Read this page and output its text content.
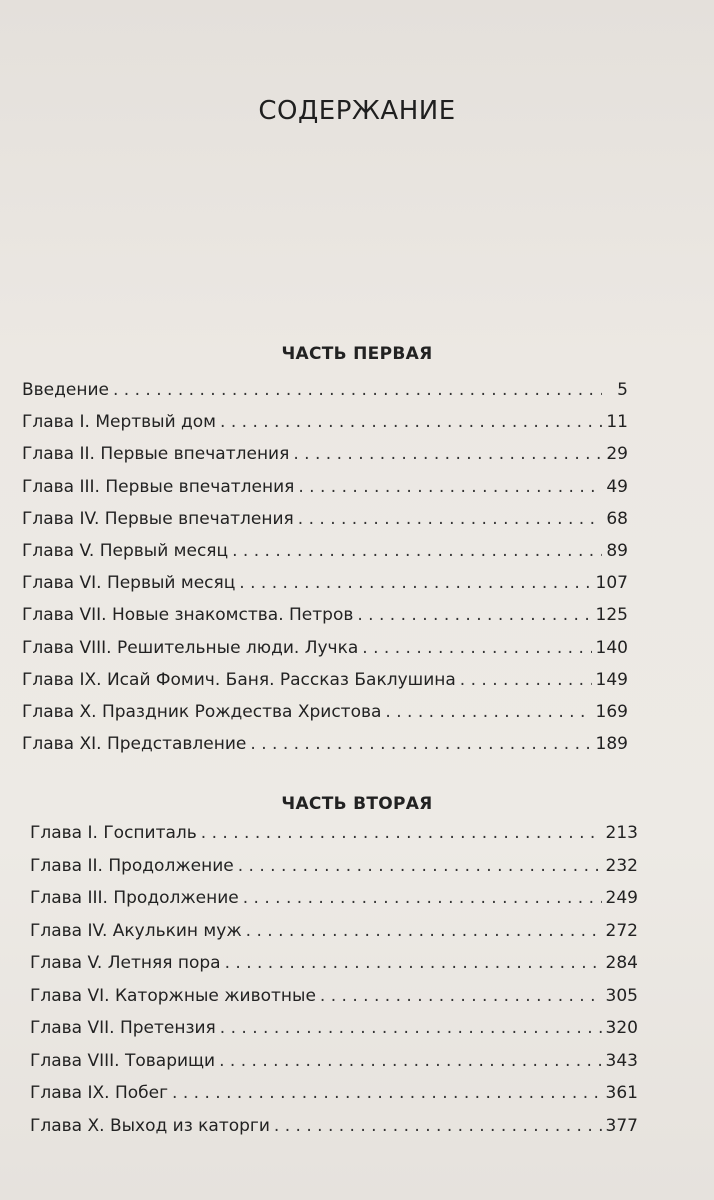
СОДЕРЖАНИЕ
ЧАСТЬ ПЕРВАЯ
Введение . . .	5
Глава I. Мертвый дом . . .	11
Глава II. Первые впечатления . . .	29
Глава III. Первые впечатления . . .	49
Глава IV. Первые впечатления . . .	68
Глава V. Первый месяц . . .	89
Глава VI. Первый месяц . . .	107
Глава VII. Новые знакомства. Петров . . .	125
Глава VIII. Решительные люди. Лучка . . .	140
Глава IX. Исай Фомич. Баня. Рассказ Баклушина . . .	149
Глава X. Праздник Рождества Христова . . .	169
Глава XI. Представление . . .	189
ЧАСТЬ ВТОРАЯ
Глава I. Госпиталь . . .	213
Глава II. Продолжение . . .	232
Глава III. Продолжение . . .	249
Глава IV. Акулькин муж . . .	272
Глава V. Летняя пора . . .	284
Глава VI. Каторжные животные . . .	305
Глава VII. Претензия . . .	320
Глава VIII. Товарищи . . .	343
Глава IX. Побег . . .	361
Глава X. Выход из каторги . . .	377
